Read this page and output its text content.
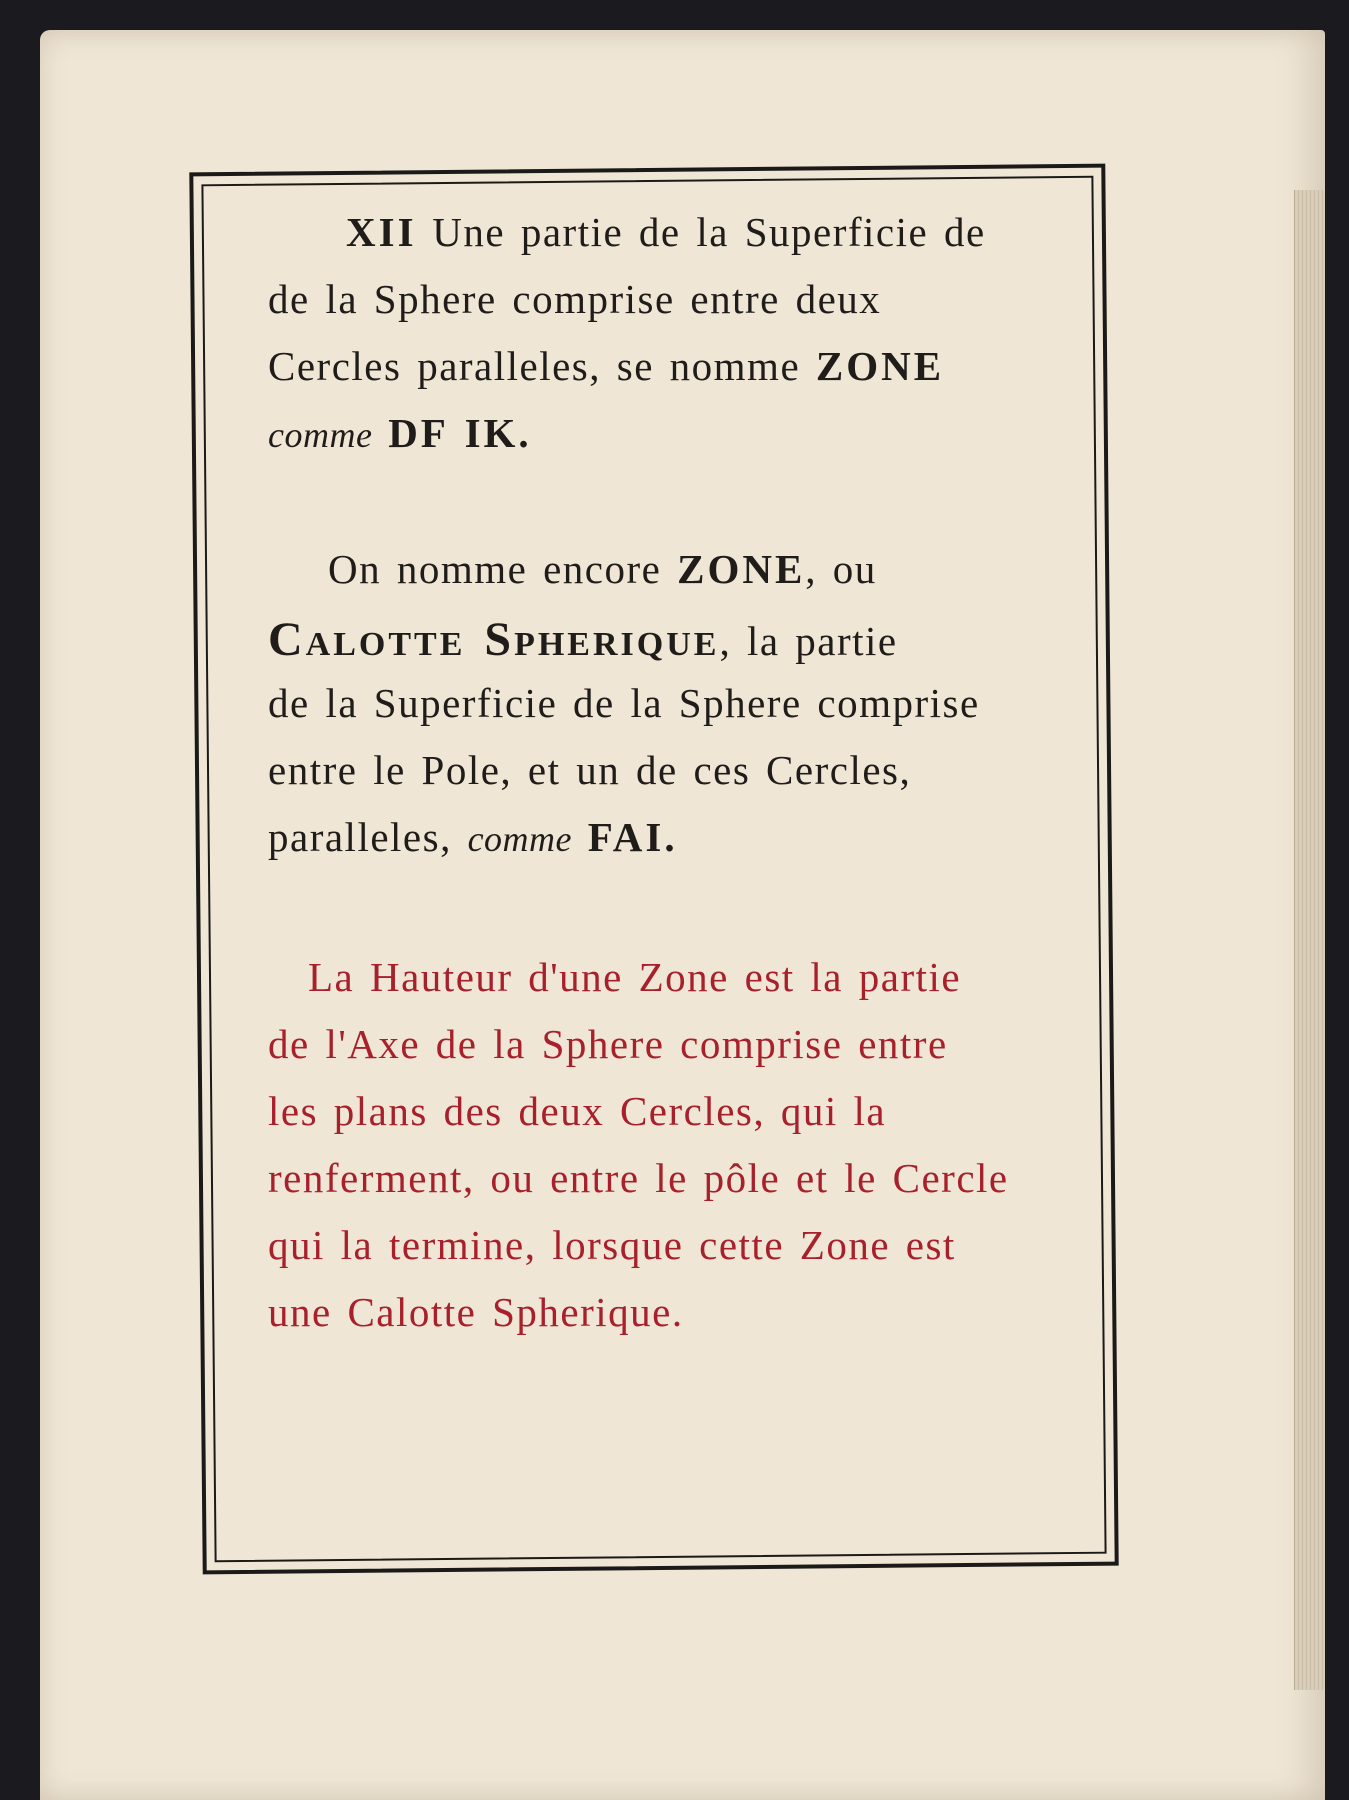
XII Une partie de la Superficie de
de la Sphere comprise entre deux
Cercles paralleles, se nomme ZONE
comme DF IK.
On nomme encore ZONE, ou
Calotte Spherique, la partie
de la Superficie de la Sphere comprise
entre le Pole, et un de ces Cercles,
paralleles, comme FAI.
La Hauteur d'une Zone est la partie
de l'Axe de la Sphere comprise entre
les plans des deux Cercles, qui la
renferment, ou entre le pôle et le Cercle
qui la termine, lorsque cette Zone est
une Calotte Spherique.
